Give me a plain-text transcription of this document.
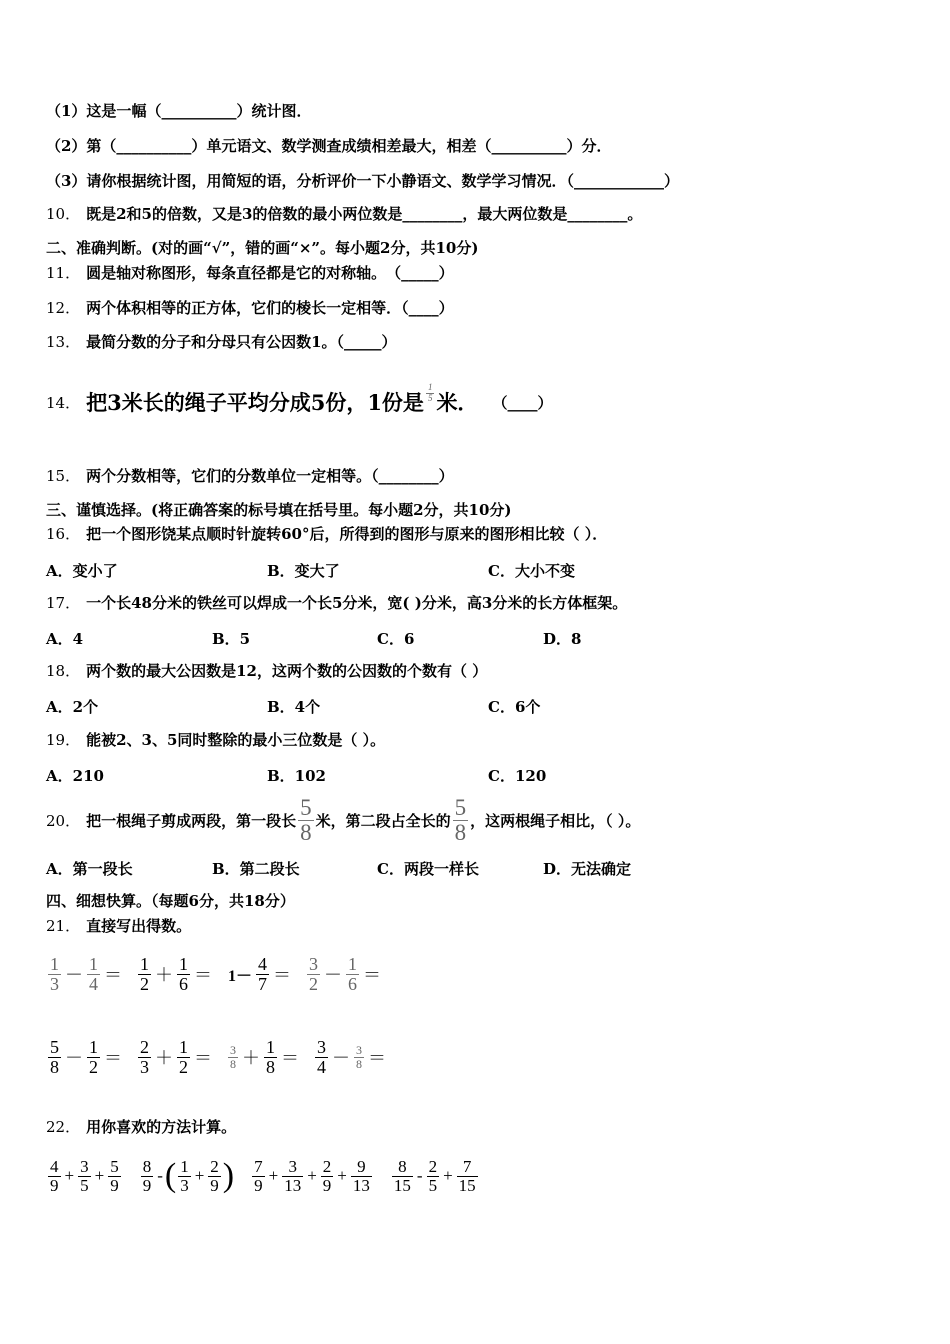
（1）这是一幅（__________）统计图．
（2）第（__________）单元语文、数学测查成绩相差最大，相差（__________）分．
（3）请你根据统计图，用简短的语，分析评价一下小静语文、数学学习情况．（____________）
10． 既是2和5的倍数，又是3的倍数的最小两位数是________，最大两位数是________。
二、准确判断。(对的画“√”，错的画“×”。每小题2分，共10分)
11． 圆是轴对称图形，每条直径都是它的对称轴。　（_____）
12． 两个体积相等的正方体，它们的棱长一定相等．（____）
13． 最简分数的分子和分母只有公因数1。（_____）
14． 把3米长的绳子平均分成5份，1份是 $\frac{1}{5}$ 米． （____）
15． 两个分数相等，它们的分数单位一定相等。（________）
三、谨慎选择。(将正确答案的标号填在括号里。每小题2分，共10分)
16． 把一个图形饶某点顺时针旋转60°后，所得到的图形与原来的图形相比较（ ）．
A．变小了	B．变大了	C．大小不变
17． 一个长48分米的铁丝可以焊成一个长5分米，宽( )分米，高3分米的长方体框架。
A．4	B．5	C．6	D．8
18． 两个数的最大公因数是12，这两个数的公因数的个数有（ ）
A．2个	B．4个	C．6个
19． 能被2、3、5同时整除的最小三位数是（ ）。
A．210	B．102	C．120
20． 把一根绳子剪成两段，第一段长 $\frac{5}{8}$ 米，第二段占全长的 $\frac{5}{8}$ ，这两根绳子相比，（ ）。
A．第一段长	B．第二段长	C．两段一样长	D．无法确定
四、细想快算。（每题6分，共18分）
21． 直接写出得数。
$\frac{1}{3} - \frac{1}{4} = \frac{1}{2} + \frac{1}{6} = 1- \frac{4}{7} = \frac{3}{2} - \frac{1}{6}$ ＝
$\frac{5}{8} - \frac{1}{2} = \frac{2}{3} + \frac{1}{2} = \frac{3}{8} + \frac{1}{8} = \frac{3}{4} - \frac{3}{8}$ ＝
22． 用你喜欢的方法计算。
$\frac{4}{9} + \frac{3}{5} + \frac{5}{9} \frac{8}{9}$ - ( $\frac{1}{3} + \frac{2}{9}$ ) $\frac{7}{9} + \frac{3}{13} + \frac{2}{9} + \frac{9}{13} \frac{8}{15} - \frac{2}{5} + \frac{7}{15}$
